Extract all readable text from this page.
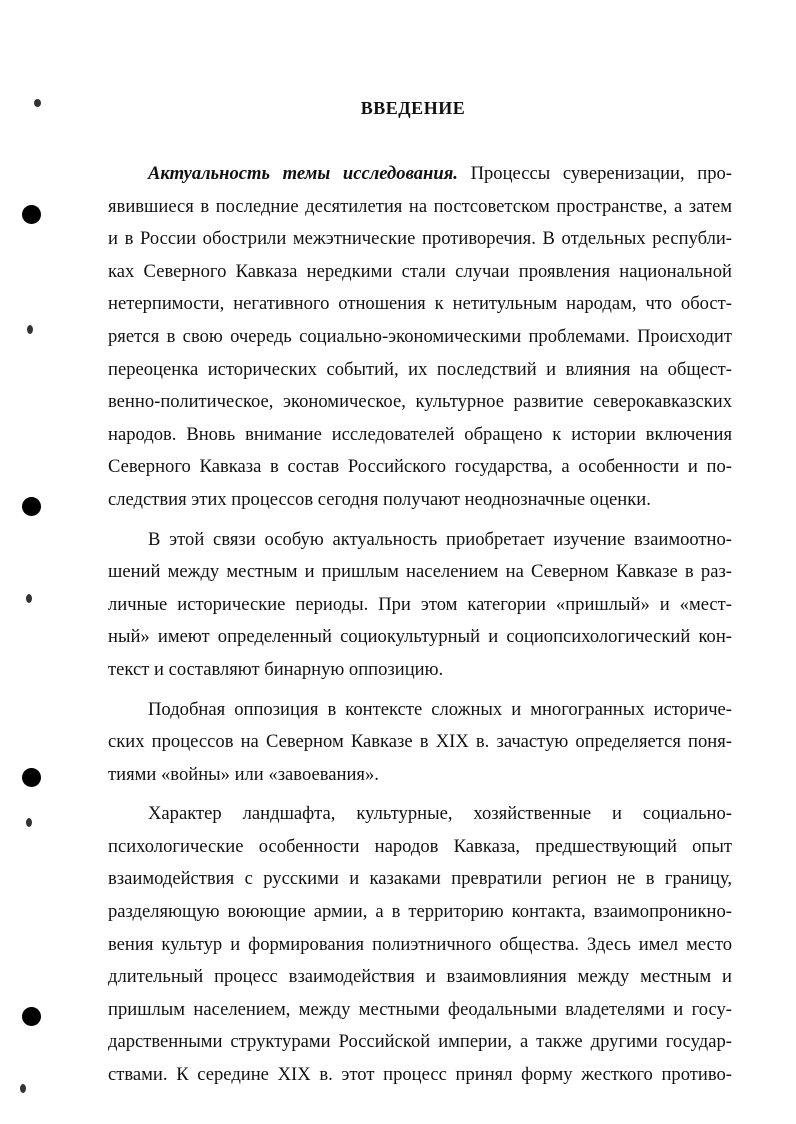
ВВЕДЕНИЕ
Актуальность темы исследования. Процессы суверенизации, про-
явившиеся в последние десятилетия на постсоветском пространстве, а затем
и в России обострили межэтнические противоречия. В отдельных республи-
ках Северного Кавказа нередкими стали случаи проявления национальной
нетерпимости, негативного отношения к нетитульным народам, что обост-
ряется в свою очередь социально-экономическими проблемами. Происходит
переоценка исторических событий, их последствий и влияния на общест-
венно-политическое, экономическое, культурное развитие северокавказских
народов. Вновь внимание исследователей обращено к истории включения
Северного Кавказа в состав Российского государства, а особенности и по-
следствия этих процессов сегодня получают неоднозначные оценки.
В этой связи особую актуальность приобретает изучение взаимоотно-
шений между местным и пришлым населением на Северном Кавказе в раз-
личные исторические периоды. При этом категории «пришлый» и «мест-
ный» имеют определенный социокультурный и социопсихологический кон-
текст и составляют бинарную оппозицию.
Подобная оппозиция в контексте сложных и многогранных историче-
ских процессов на Северном Кавказе в XIX в. зачастую определяется поня-
тиями «войны» или «завоевания».
Характер ландшафта, культурные, хозяйственные и социально-
психологические особенности народов Кавказа, предшествующий опыт
взаимодействия с русскими и казаками превратили регион не в границу,
разделяющую воюющие армии, а в территорию контакта, взаимопроникно-
вения культур и формирования полиэтничного общества. Здесь имел место
длительный процесс взаимодействия и взаимовлияния между местным и
пришлым населением, между местными феодальными владетелями и госу-
дарственными структурами Российской империи, а также другими государ-
ствами. К середине XIX в. этот процесс принял форму жесткого противо-
